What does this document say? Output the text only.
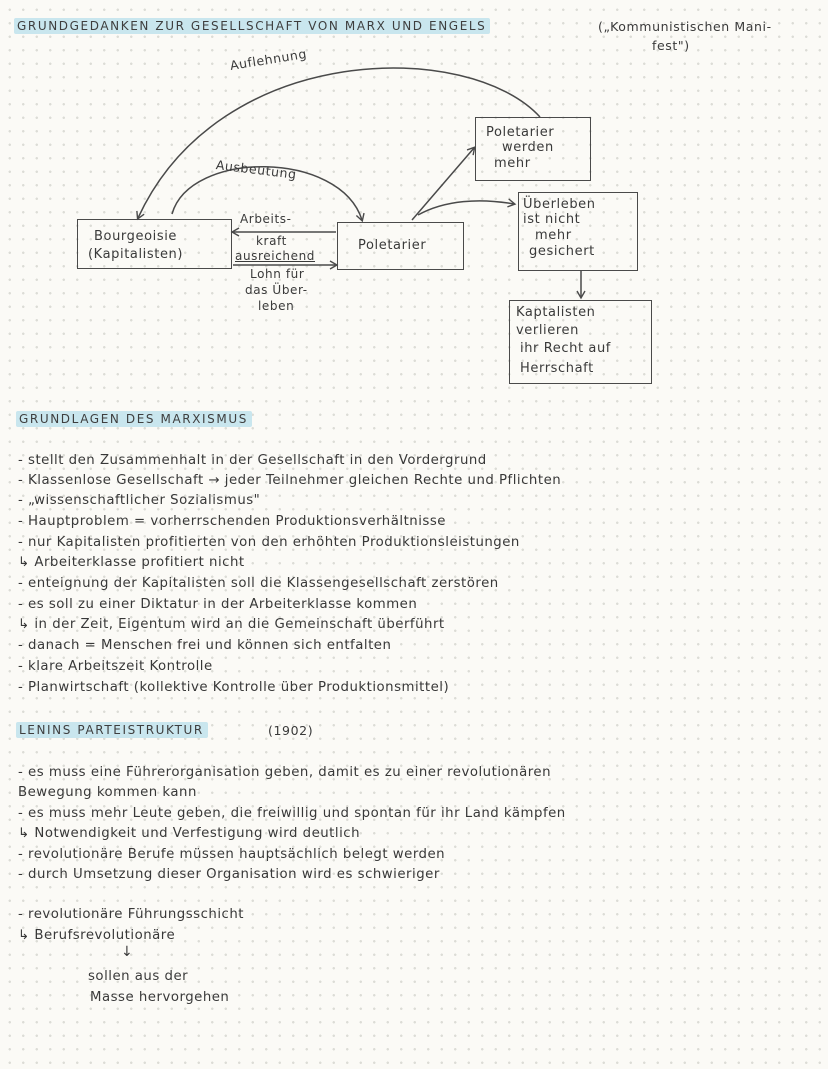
GRUNDGEDANKEN ZUR GESELLSCHAFT VON MARX UND ENGELS	(„Kommunistischen Mani-
fest")
Auflehnung
Ausbeutung
Bourgeoisie
(Kapitalisten)
Poletarier
Poletarier
werden
mehr
Überleben
ist nicht
mehr
gesichert
Kaptalisten
verlieren
ihr Recht auf
Herrschaft
Arbeits-
kraft
ausreichend
Lohn für
das Über-
leben
GRUNDLAGEN DES MARXISMUS
- stellt den Zusammenhalt in der Gesellschaft in den Vordergrund
- Klassenlose Gesellschaft → jeder Teilnehmer gleichen Rechte und Pflichten
- „wissenschaftlicher Sozialismus"
- Hauptproblem = vorherrschenden Produktionsverhältnisse
- nur Kapitalisten profitierten von den erhöhten Produktionsleistungen
↳ Arbeiterklasse profitiert nicht
- enteignung der Kapitalisten soll die Klassengesellschaft zerstören
- es soll zu einer Diktatur in der Arbeiterklasse kommen
↳ in der Zeit, Eigentum wird an die Gemeinschaft überführt
- danach = Menschen frei und können sich entfalten
- klare Arbeitszeit Kontrolle
- Planwirtschaft (kollektive Kontrolle über Produktionsmittel)
LENINS PARTEISTRUKTUR	(1902)
- es muss eine Führerorganisation geben, damit es zu einer revolutionären
Bewegung kommen kann
- es muss mehr Leute geben, die freiwillig und spontan für ihr Land kämpfen
↳ Notwendigkeit und Verfestigung wird deutlich
- revolutionäre Berufe müssen hauptsächlich belegt werden
- durch Umsetzung dieser Organisation wird es schwieriger
- revolutionäre Führungsschicht
↳ Berufsrevolutionäre
↓
sollen aus der
Masse hervorgehen
